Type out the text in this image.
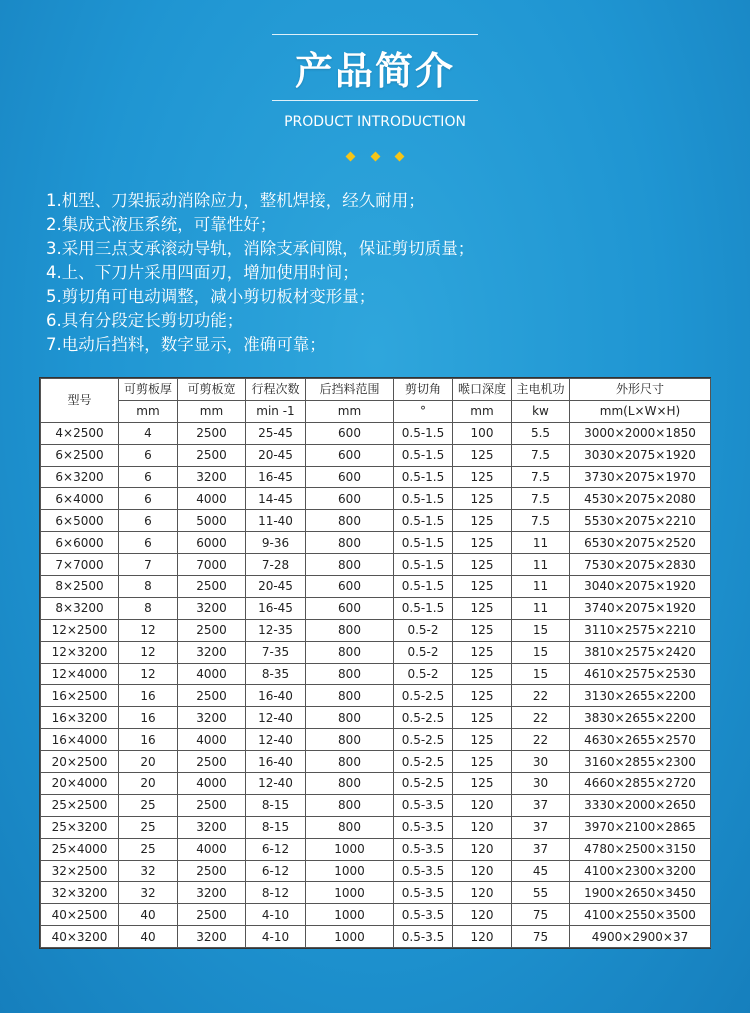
产品简介
PRODUCT INTRODUCTION

1.机型、刀架振动消除应力，整机焊接，经久耐用；
2.集成式液压系统，可靠性好；
3.采用三点支承滚动导轨，消除支承间隙，保证剪切质量；
4.上、下刀片采用四面刃，增加使用时间；
5.剪切角可电动调整，减小剪切板材变形量；
6.具有分段定长剪切功能；
7.电动后挡料，数字显示，准确可靠；
型号	可剪板厚	可剪板宽	行程次数	后挡料范围	剪切角	喉口深度	主电机功	外形尺寸
	mm	mm	min -1	mm	°	mm	kw	mm(L×W×H)
4×2500	4	2500	25-45	600	0.5-1.5	100	5.5	3000×2000×1850
6×2500	6	2500	20-45	600	0.5-1.5	125	7.5	3030×2075×1920
6×3200	6	3200	16-45	600	0.5-1.5	125	7.5	3730×2075×1970
6×4000	6	4000	14-45	600	0.5-1.5	125	7.5	4530×2075×2080
6×5000	6	5000	11-40	800	0.5-1.5	125	7.5	5530×2075×2210
6×6000	6	6000	9-36	800	0.5-1.5	125	11	6530×2075×2520
7×7000	7	7000	7-28	800	0.5-1.5	125	11	7530×2075×2830
8×2500	8	2500	20-45	600	0.5-1.5	125	11	3040×2075×1920
8×3200	8	3200	16-45	600	0.5-1.5	125	11	3740×2075×1920
12×2500	12	2500	12-35	800	0.5-2	125	15	3110×2575×2210
12×3200	12	3200	7-35	800	0.5-2	125	15	3810×2575×2420
12×4000	12	4000	8-35	800	0.5-2	125	15	4610×2575×2530
16×2500	16	2500	16-40	800	0.5-2.5	125	22	3130×2655×2200
16×3200	16	3200	12-40	800	0.5-2.5	125	22	3830×2655×2200
16×4000	16	4000	12-40	800	0.5-2.5	125	22	4630×2655×2570
20×2500	20	2500	16-40	800	0.5-2.5	125	30	3160×2855×2300
20×4000	20	4000	12-40	800	0.5-2.5	125	30	4660×2855×2720
25×2500	25	2500	8-15	800	0.5-3.5	120	37	3330×2000×2650
25×3200	25	3200	8-15	800	0.5-3.5	120	37	3970×2100×2865
25×4000	25	4000	6-12	1000	0.5-3.5	120	37	4780×2500×3150
32×2500	32	2500	6-12	1000	0.5-3.5	120	45	4100×2300×3200
32×3200	32	3200	8-12	1000	0.5-3.5	120	55	1900×2650×3450
40×2500	40	2500	4-10	1000	0.5-3.5	120	75	4100×2550×3500
40×3200	40	3200	4-10	1000	0.5-3.5	120	75	4900×2900×37
